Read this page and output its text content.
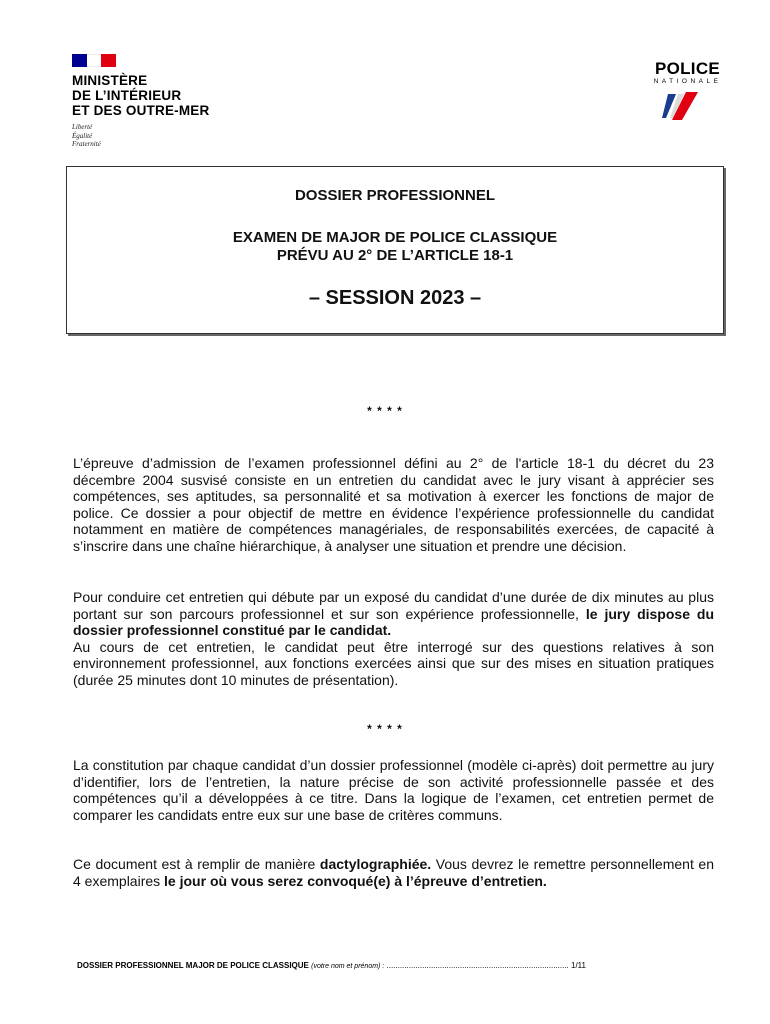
MINISTÈRE
DE L’INTÉRIEUR
ET DES OUTRE-MER
Liberté
Égalité
Fraternité
POLICE
NATIONALE
DOSSIER PROFESSIONNEL
EXAMEN DE MAJOR DE POLICE CLASSIQUE
PRÉVU AU 2° DE L’ARTICLE 18-1
– SESSION 2023 –
* * * *
L’épreuve d’admission de l’examen professionnel défini au 2° de l'article 18-1 du décret du 23 décembre 2004 susvisé consiste en un entretien du candidat avec le jury visant à apprécier ses compétences, ses aptitudes, sa personnalité et sa motivation à exercer les fonctions de major de police. Ce dossier a pour objectif de mettre en évidence l’expérience professionnelle du candidat notamment en matière de compétences managériales, de responsabilités exercées, de capacité à s’inscrire dans une chaîne hiérarchique, à analyser une situation et prendre une décision.
Pour conduire cet entretien qui débute par un exposé du candidat d’une durée de dix minutes au plus portant sur son parcours professionnel et sur son expérience professionnelle, le jury dispose du dossier professionnel constitué par le candidat.
Au cours de cet entretien, le candidat peut être interrogé sur des questions relatives à son environnement professionnel, aux fonctions exercées ainsi que sur des mises en situation pratiques (durée 25 minutes dont 10 minutes de présentation).
* * * *
La constitution par chaque candidat d’un dossier professionnel (modèle ci-après) doit permettre au jury d’identifier, lors de l’entretien, la nature précise de son activité professionnelle passée et des compétences qu’il a développées à ce titre. Dans la logique de l’examen, cet entretien permet de comparer les candidats entre eux sur une base de critères communs.
Ce document est à remplir de manière dactylographiée. Vous devrez le remettre personnellement en 4 exemplaires le jour où vous serez convoqué(e) à l’épreuve d’entretien.
DOSSIER PROFESSIONNEL MAJOR DE POLICE CLASSIQUE (votre nom et prénom) : .................................................................................. 1/11
